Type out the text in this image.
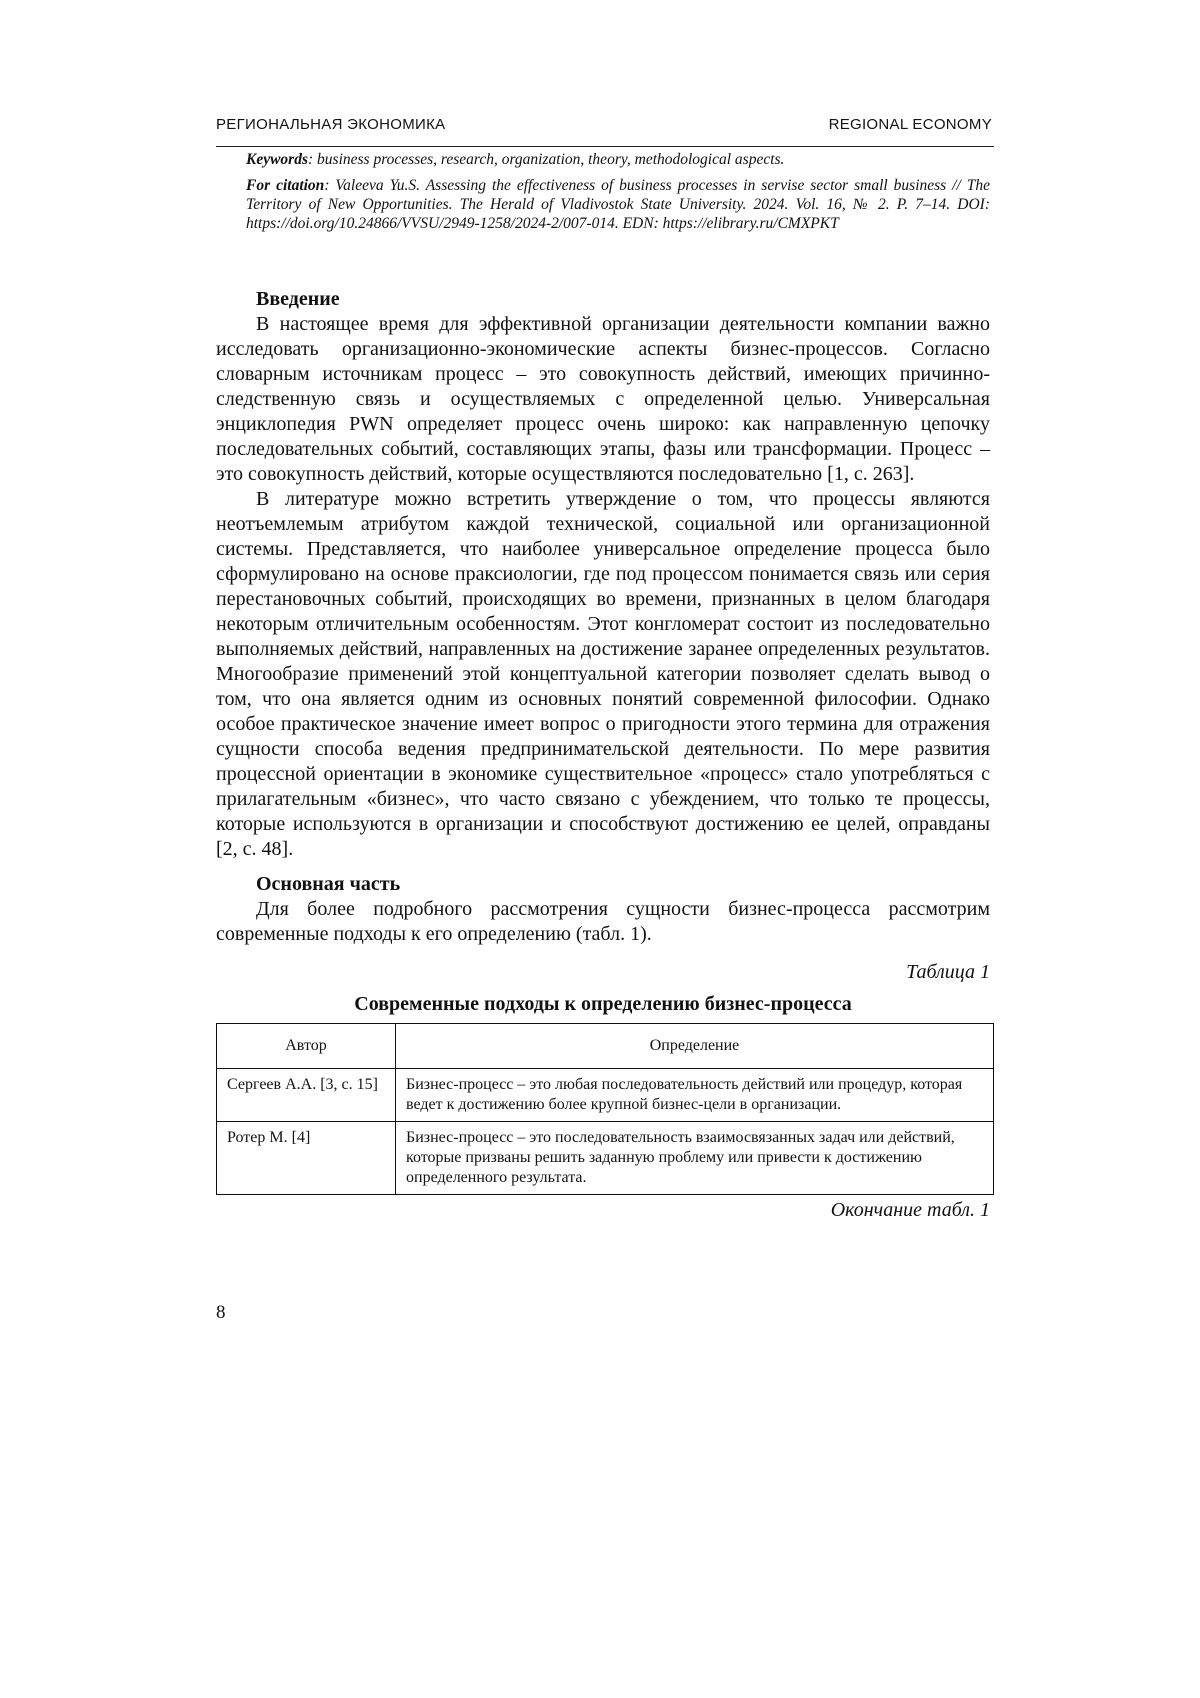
РЕГИОНАЛЬНАЯ ЭКОНОМИКА	REGIONAL ECONOMY

Keywords: business processes, research, organization, theory, methodological aspects.

For citation: Valeeva Yu.S. Assessing the effectiveness of business processes in servise sector small business // The Territory of New Opportunities. The Herald of Vladivostok State University. 2024. Vol. 16, № 2. P. 7–14. DOI: https://doi.org/10.24866/VVSU/2949-1258/2024-2/007-014. EDN: https://elibrary.ru/CMXPKT

Введение

В настоящее время для эффективной организации деятельности компании важно исследовать организационно-экономические аспекты бизнес-процессов. Согласно словарным источникам процесс – это совокупность действий, имеющих причинно-следственную связь и осуществляемых с определенной целью. Универсальная энциклопедия PWN определяет процесс очень широко: как направленную цепочку последовательных событий, составляющих этапы, фазы или трансформации. Процесс – это совокупность действий, которые осуществляются последовательно [1, с. 263].

В литературе можно встретить утверждение о том, что процессы являются неотъемлемым атрибутом каждой технической, социальной или организационной системы. Представляется, что наиболее универсальное определение процесса было сформулировано на основе праксиологии, где под процессом понимается связь или серия перестановочных событий, происходящих во времени, признанных в целом благодаря некоторым отличительным особенностям. Этот конгломерат состоит из последовательно выполняемых действий, направленных на достижение заранее определенных результатов. Многообразие применений этой концептуальной категории позволяет сделать вывод о том, что она является одним из основных понятий современной философии. Однако особое практическое значение имеет вопрос о пригодности этого термина для отражения сущности способа ведения предпринимательской деятельности. По мере развития процессной ориентации в экономике существительное «процесс» стало употребляться с прилагательным «бизнес», что часто связано с убеждением, что только те процессы, которые используются в организации и способствуют достижению ее целей, оправданы [2, с. 48].

Основная часть

Для более подробного рассмотрения сущности бизнес-процесса рассмотрим современные подходы к его определению (табл. 1).

Таблица 1

Современные подходы к определению бизнес-процесса

Автор	Определение
Сергеев А.А. [3, с. 15]	Бизнес-процесс – это любая последовательность действий или процедур, которая ведет к достижению более крупной бизнес-цели в организации.
Ротер М. [4]	Бизнес-процесс – это последовательность взаимосвязанных задач или действий, которые призваны решить заданную проблему или привести к достижению определенного результата.

Окончание табл. 1

8
